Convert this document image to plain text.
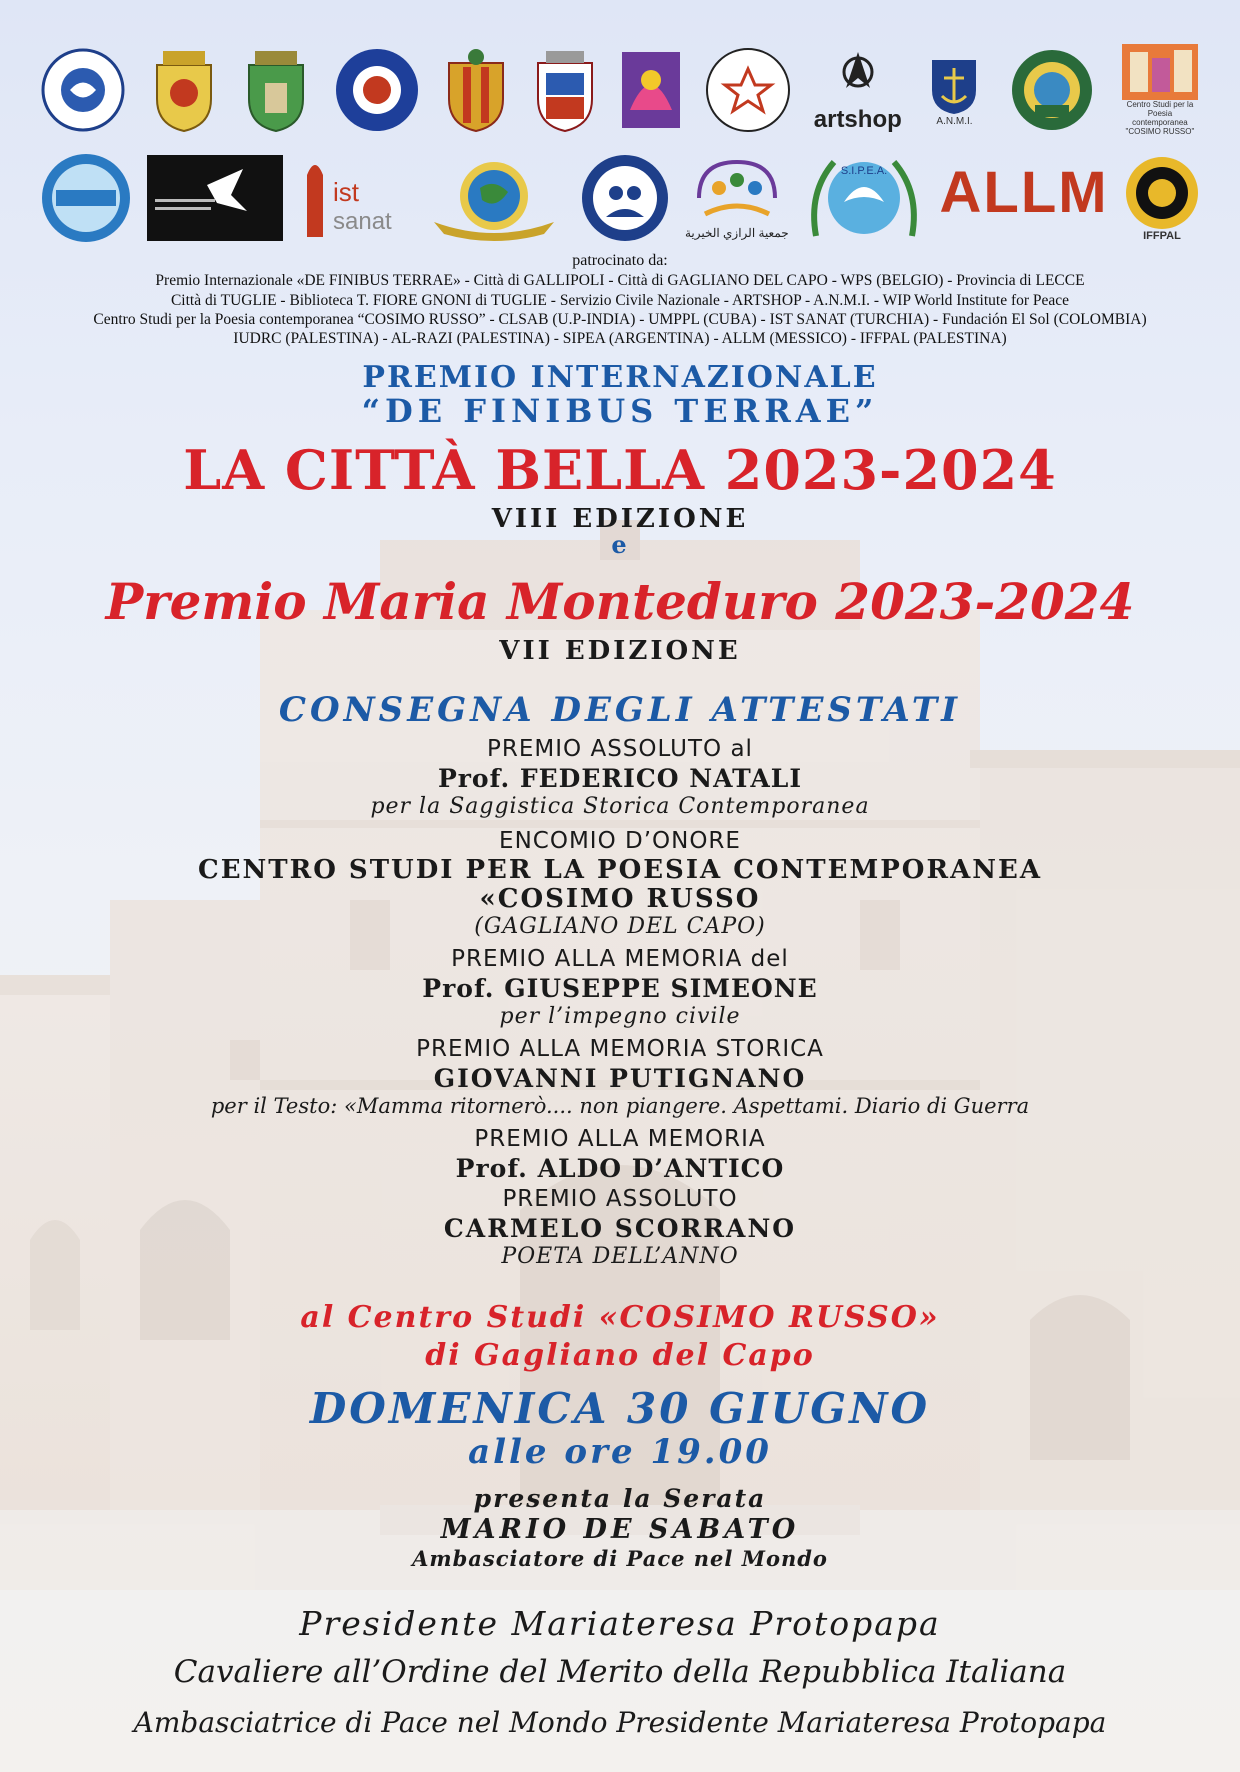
artshop	A.N.M.I.
Centro Studi per la Poesia contemporanea "COSIMO RUSSO"
ist
sanat	جمعية الرازي الخيرية
S.I.P.E.A. ALLM

IFFPAL
patrocinato da:
Premio Internazionale «DE FINIBUS TERRAE» - Città di GALLIPOLI - Città di GAGLIANO DEL CAPO - WPS (BELGIO) - Provincia di LECCE
Città di TUGLIE - Biblioteca T. FIORE GNONI di TUGLIE - Servizio Civile Nazionale - ARTSHOP - A.N.M.I. - WIP World Institute for Peace
Centro Studi per la Poesia contemporanea “COSIMO RUSSO” - CLSAB (U.P-INDIA) - UMPPL (CUBA) - IST SANAT (TURCHIA) - Fundación El Sol (COLOMBIA)
IUDRC (PALESTINA) - AL-RAZI (PALESTINA) - SIPEA (ARGENTINA) - ALLM (MESSICO) - IFFPAL (PALESTINA)
PREMIO INTERNAZIONALE
“DE FINIBUS TERRAE”
LA CITTÀ BELLA 2023-2024
VIII EDIZIONE
e
Premio Maria Monteduro 2023-2024
VII EDIZIONE
CONSEGNA DEGLI ATTESTATI
PREMIO ASSOLUTO al
Prof. FEDERICO NATALI
per la Saggistica Storica Contemporanea
ENCOMIO D’ONORE
CENTRO STUDI PER LA POESIA CONTEMPORANEA
«COSIMO RUSSO
(GAGLIANO DEL CAPO)
PREMIO ALLA MEMORIA del
Prof. GIUSEPPE SIMEONE
per l’impegno civile
PREMIO ALLA MEMORIA STORICA
GIOVANNI PUTIGNANO
per il Testo: «Mamma ritornerò.... non piangere. Aspettami. Diario di Guerra
PREMIO ALLA MEMORIA
Prof. ALDO D’ANTICO
PREMIO ASSOLUTO
CARMELO SCORRANO
POETA DELL’ANNO
al Centro Studi «COSIMO RUSSO»
di Gagliano del Capo
DOMENICA 30 GIUGNO
alle ore 19.00
presenta la Serata
MARIO DE SABATO
Ambasciatore di Pace nel Mondo
Presidente Mariateresa Protopapa
Cavaliere all’Ordine del Merito della Repubblica Italiana
Ambasciatrice di Pace nel Mondo Presidente Mariateresa Protopapa
